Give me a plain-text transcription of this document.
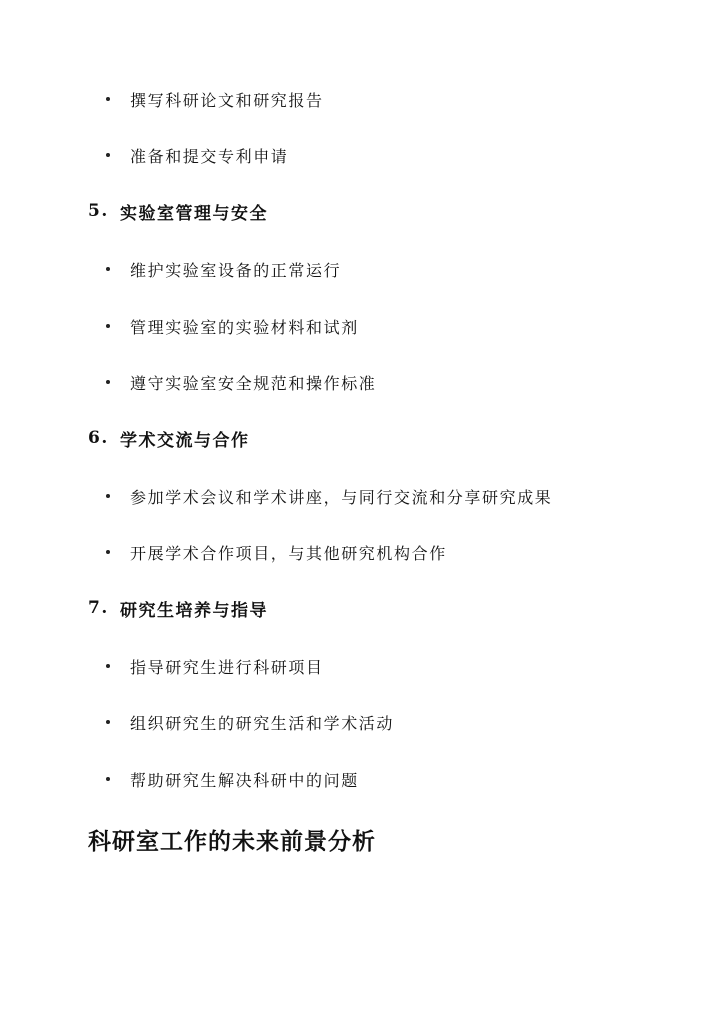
撰写科研论文和研究报告
准备和提交专利申请
5. 实验室管理与安全
维护实验室设备的正常运行
管理实验室的实验材料和试剂
遵守实验室安全规范和操作标准
6. 学术交流与合作
参加学术会议和学术讲座，与同行交流和分享研究成果
开展学术合作项目，与其他研究机构合作
7. 研究生培养与指导
指导研究生进行科研项目
组织研究生的研究生活和学术活动
帮助研究生解决科研中的问题
科研室工作的未来前景分析
